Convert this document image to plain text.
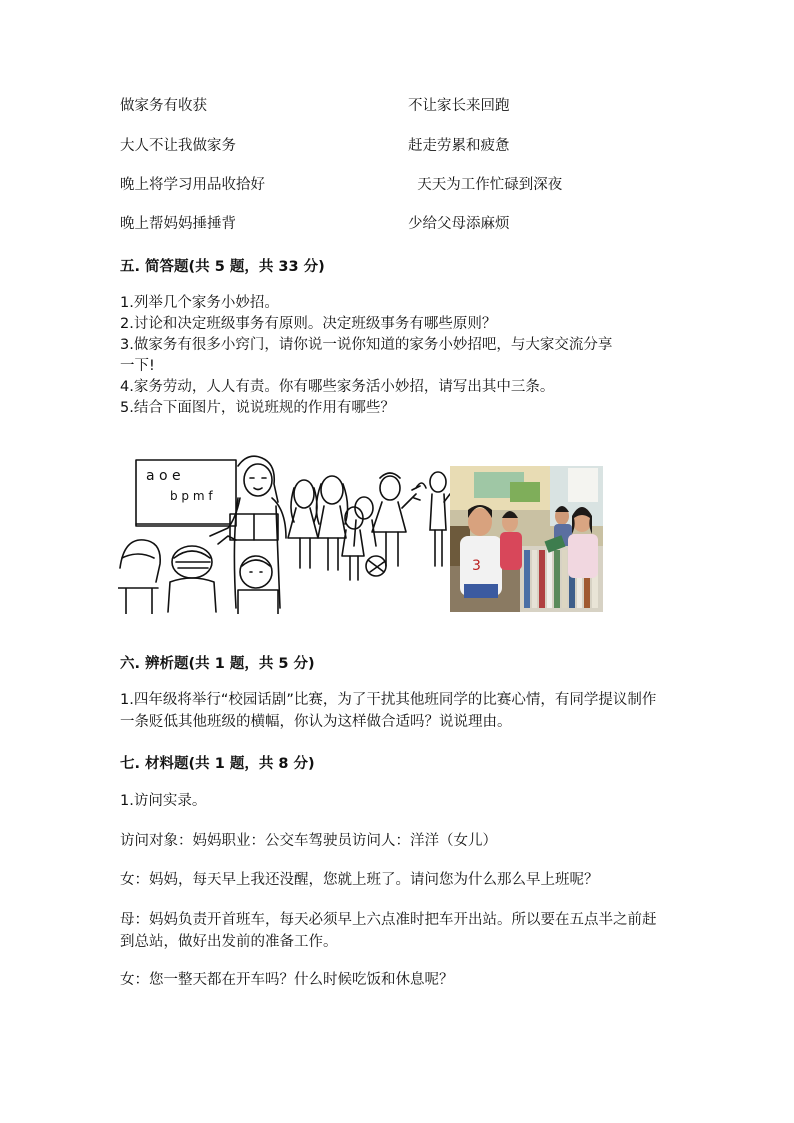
做家务有收获	不让家长来回跑
大人不让我做家务	赶走劳累和疲惫
晚上将学习用品收拾好	天天为工作忙碌到深夜
晚上帮妈妈捶捶背	少给父母添麻烦
五. 简答题(共 5 题，共 33 分)
1.列举几个家务小妙招。
2.讨论和决定班级事务有原则。决定班级事务有哪些原则？
3.做家务有很多小窍门，请你说一说你知道的家务小妙招吧，与大家交流分享
一下!
4.家务劳动，人人有责。你有哪些家务活小妙招，请写出其中三条。
5.结合下面图片，说说班规的作用有哪些？
a o e
b p m f
3
六. 辨析题(共 1 题，共 5 分)
1.四年级将举行“校园话剧”比赛，为了干扰其他班同学的比赛心情，有同学提议制作一条贬低其他班级的横幅，你认为这样做合适吗？说说理由。
七. 材料题(共 1 题，共 8 分)
1.访问实录。
访问对象：妈妈职业：公交车驾驶员访问人：洋洋（女儿）
女：妈妈，每天早上我还没醒，您就上班了。请问您为什么那么早上班呢？
母：妈妈负责开首班车，每天必须早上六点准时把车开出站。所以要在五点半之前赶到总站，做好出发前的准备工作。
女：您一整天都在开车吗？什么时候吃饭和休息呢？
